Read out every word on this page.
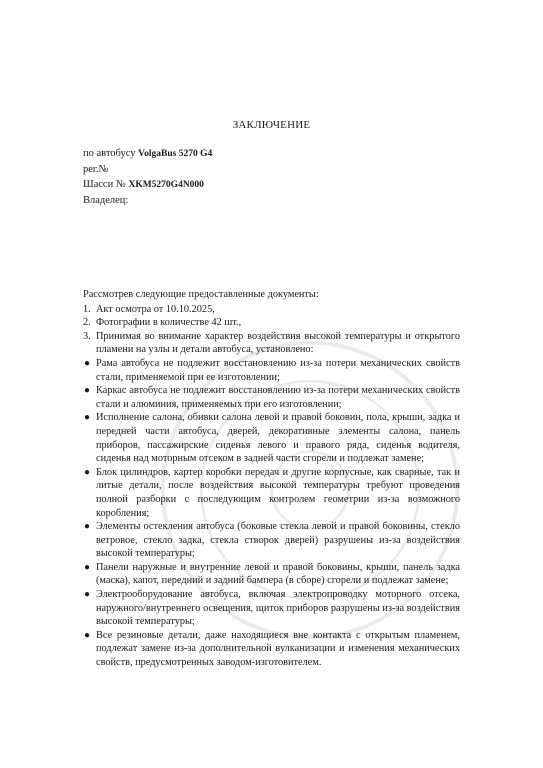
ЗАКЛЮЧЕНИЕ
по автобусу VolgaBus 5270 G4
рег.№
Шасси № XKM5270G4N000
Владелец:
Рассмотрев следующие предоставленные документы:
1. Акт осмотра от 10.10.2025,
2. Фотографии в количестве 42 шт.,
3. Принимая во внимание характер воздействия высокой температуры и открытого пламени на узлы и детали автобуса, установлено:
● Рама автобуса не подлежит восстановлению из-за потери механических свойств стали, применяемой при ее изготовлении;
● Каркас автобуса не подлежит восстановлению из-за потери механических свойств стали и алюминия, применяемых при его изготовлении;
● Исполнение салона, обивки салона левой и правой боковин, пола, крыши, задка и передней части автобуса, дверей, декоративные элементы салона, панель приборов, пассажирские сиденья левого и правого ряда, сиденья водителя, сиденья над моторным отсеком в задней части сгорели и подлежат замене;
● Блок цилиндров, картер коробки передач и другие корпусные, как сварные, так и литые детали, после воздействия высокой температуры требуют проведения полной разборки с последующим контролем геометрии из-за возможного коробления;
● Элементы остекления автобуса (боковые стекла левой и правой боковины, стекло ветровое, стекло задка, стекла створок дверей) разрушены из-за воздействия высокой температуры;
● Панели наружные и внутренние левой и правой боковины, крыши, панель задка (маска), капот, передний и задний бампера (в сборе) сгорели и подлежат замене;
● Электрооборудование автобуса, включая электропроводку моторного отсека, наружного/внутреннего освещения, щиток приборов разрушены из-за воздействия высокой температуры;
● Все резиновые детали, даже находящиеся вне контакта с открытым пламенем, подлежат замене из-за дополнительной вулканизации и изменения механических свойств, предусмотренных заводом-изготовителем.
